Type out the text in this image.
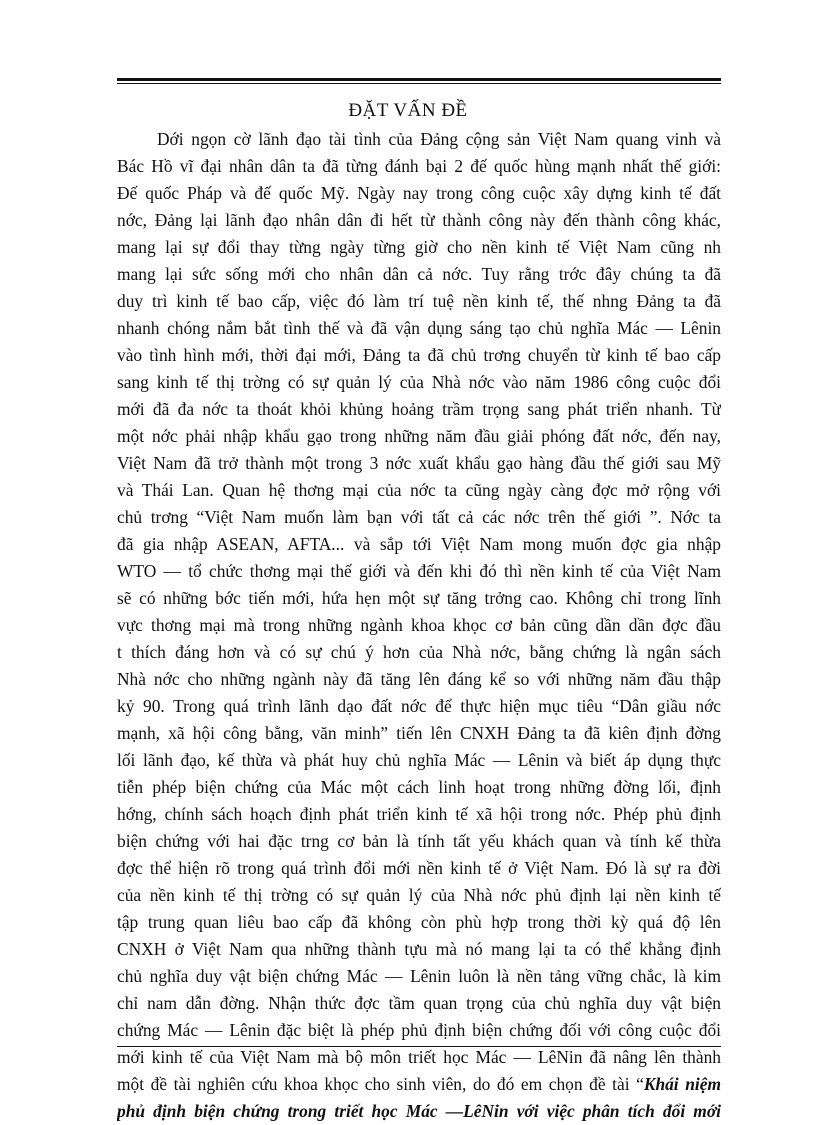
ĐẶT VẤN ĐỀ
Dới ngọn cờ lãnh đạo tài tình của Đảng cộng sản Việt Nam quang vinh và
Bác Hồ vĩ đại nhân dân ta đã từng đánh bại 2 đế quốc hùng mạnh nhất thế giới:
Đế quốc Pháp và đế quốc Mỹ. Ngày nay trong công cuộc xây dựng kinh tế đất
nớc, Đảng lại lãnh đạo nhân dân đi hết từ thành công này đến thành công khác,
mang lại sự đổi thay từng ngày từng giờ cho nền kinh tế Việt Nam cũng nh
mang lại sức sống mới cho nhân dân cả nớc. Tuy rằng trớc đây chúng ta đã
duy trì kinh tế bao cấp, việc đó làm trí tuệ nền kinh tế, thế nhng Đảng ta đã
nhanh chóng nắm bắt tình thế và đã vận dụng sáng tạo chủ nghĩa Mác — Lênin
vào tình hình mới, thời đại mới, Đảng ta đã chủ trơng chuyển từ kinh tế bao cấp
sang kinh tế thị trờng có sự quản lý của Nhà nớc vào năm 1986 công cuộc đổi
mới đã đa nớc ta thoát khỏi khủng hoảng trầm trọng sang phát triển nhanh. Từ
một nớc phải nhập khẩu gạo trong những năm đầu giải phóng đất nớc, đến nay,
Việt Nam đã trở thành một trong 3 nớc xuất khẩu gạo hàng đầu thế giới sau Mỹ
và Thái Lan. Quan hệ thơng mại của nớc ta cũng ngày càng đợc mở rộng với
chủ trơng “Việt Nam muốn làm bạn với tất cả các nớc trên thế giới ”. Nớc ta
đã gia nhập ASEAN, AFTA... và sắp tới Việt Nam mong muốn đợc gia nhập
WTO — tổ chức thơng mại thế giới và đến khi đó thì nền kinh tế của Việt Nam
sẽ có những bớc tiến mới, hứa hẹn một sự tăng trởng cao. Không chỉ trong lĩnh
vực thơng mại mà trong những ngành khoa khọc cơ bản cũng dần dần đợc đầu
t thích đáng hơn và có sự chú ý hơn của Nhà nớc, bằng chứng là ngân sách
Nhà nớc cho những ngành này đã tăng lên đáng kể so với những năm đầu thập
kỷ 90. Trong quá trình lãnh dạo đất nớc để thực hiện mục tiêu “Dân giầu nớc
mạnh, xã hội công bằng, văn minh” tiến lên CNXH Đảng ta đã kiên định đờng
lối lãnh đạo, kế thừa và phát huy chủ nghĩa Mác — Lênin và biết áp dụng thực
tiễn phép biện chứng của Mác một cách linh hoạt trong những đờng lối, định
hớng, chính sách hoạch định phát triển kinh tế xã hội trong nớc. Phép phủ định
biện chứng với hai đặc trng cơ bản là tính tất yếu khách quan và tính kế thừa
đợc thể hiện rõ trong quá trình đổi mới nền kinh tế ở Việt Nam. Đó là sự ra đời
của nền kinh tế thị trờng có sự quản lý của Nhà nớc phủ định lại nền kinh tế
tập trung quan liêu bao cấp đã không còn phù hợp trong thời kỳ quá độ lên
CNXH ở Việt Nam qua những thành tựu mà nó mang lại ta có thể khẳng định
chủ nghĩa duy vật biện chứng Mác — Lênin luôn là nền tảng vững chắc, là kim
chỉ nam dẫn đờng. Nhận thức đợc tầm quan trọng của chủ nghĩa duy vật biện
chứng Mác — Lênin đặc biệt là phép phủ định biện chứng đối với công cuộc đổi
mới kinh tế của Việt Nam mà bộ môn triết học Mác — LêNin đã nâng lên thành
một đề tài nghiên cứu khoa khọc cho sinh viên, do đó em chọn đề tài “Khái niệm
phủ định biện chứng trong triết học Mác —LêNin với việc phân tích đổi mới
